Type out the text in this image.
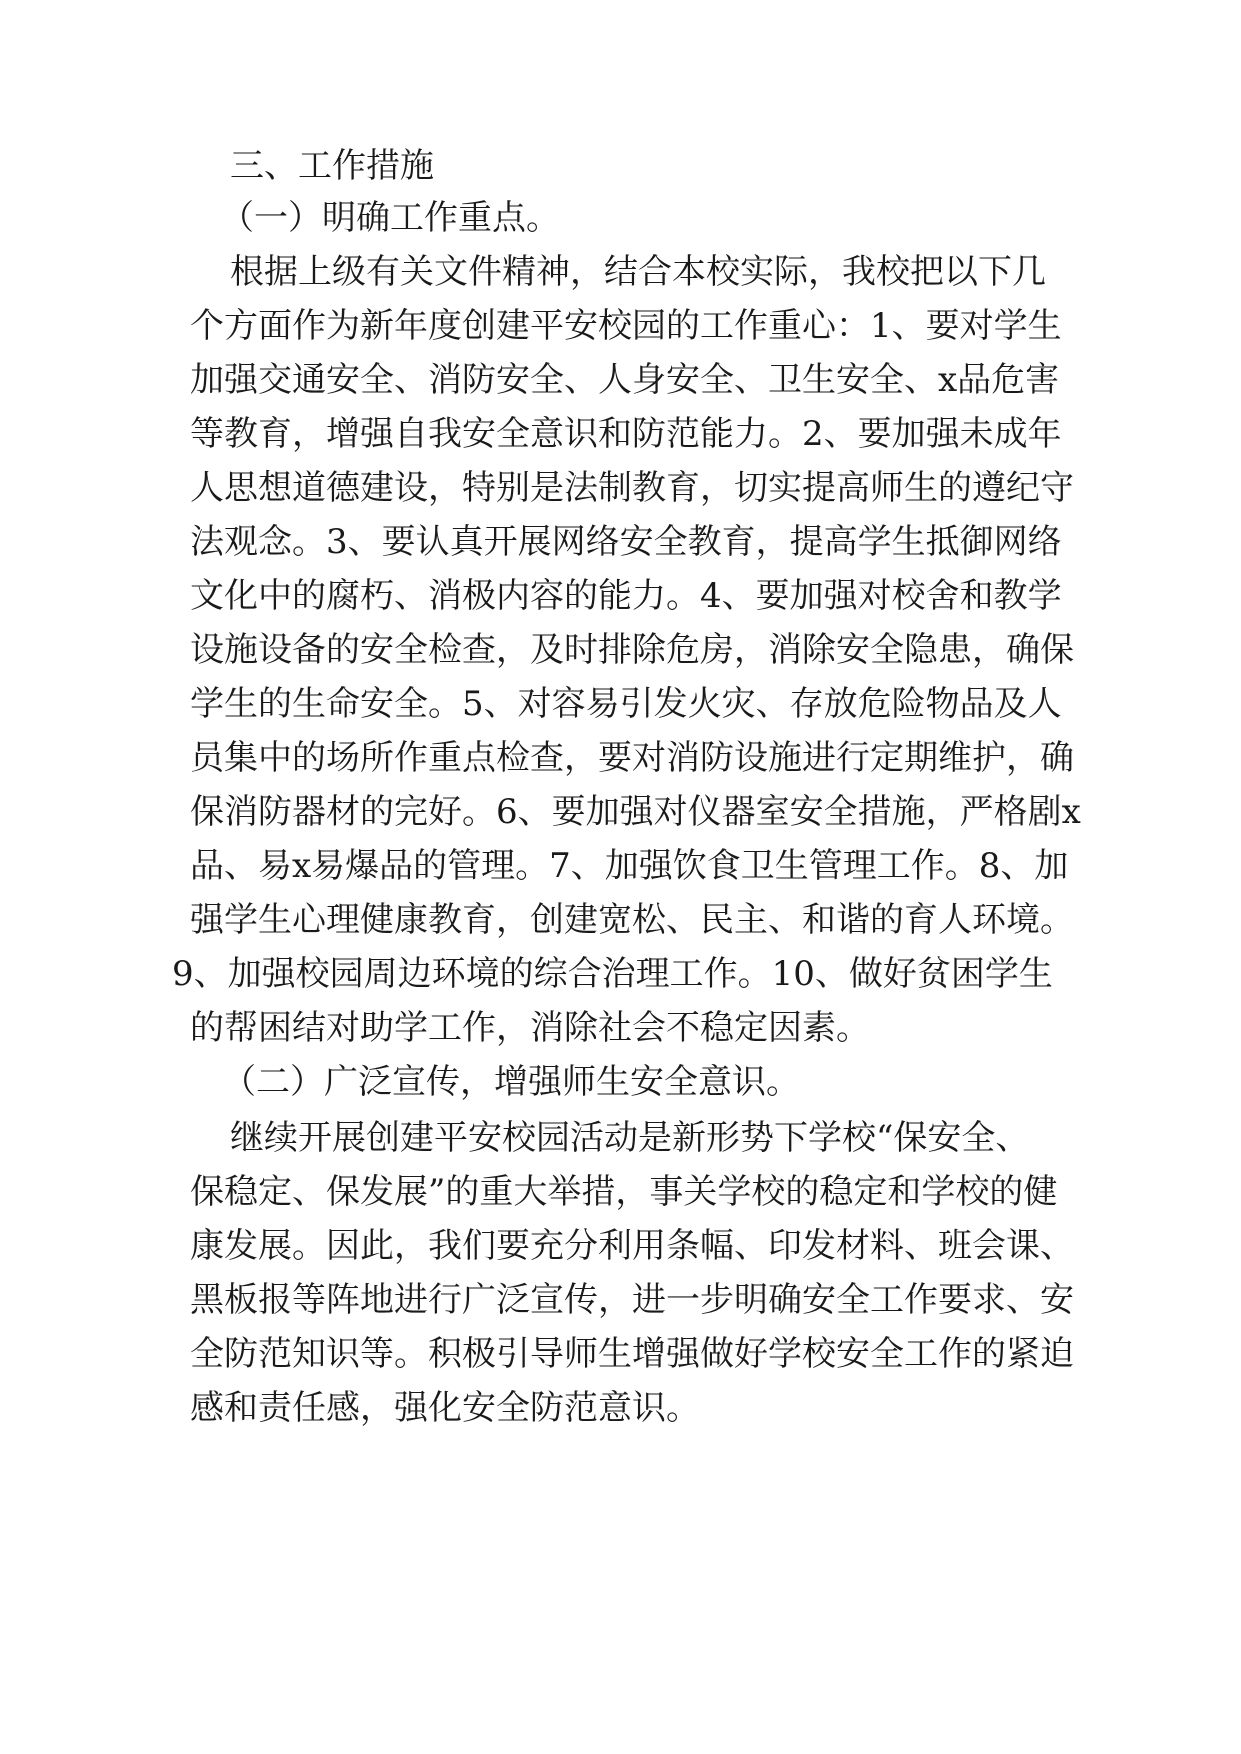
三、工作措施
（一）明确工作重点。
根据上级有关文件精神，结合本校实际，我校把以下几
个方面作为新年度创建平安校园的工作重心：1、要对学生
加强交通安全、消防安全、人身安全、卫生安全、x品危害
等教育，增强自我安全意识和防范能力。2、要加强未成年
人思想道德建设，特别是法制教育，切实提高师生的遵纪守
法观念。3、要认真开展网络安全教育，提高学生抵御网络
文化中的腐朽、消极内容的能力。4、要加强对校舍和教学
设施设备的安全检查，及时排除危房，消除安全隐患，确保
学生的生命安全。5、对容易引发火灾、存放危险物品及人
员集中的场所作重点检查，要对消防设施进行定期维护，确
保消防器材的完好。6、要加强对仪器室安全措施，严格剧x
品、易x易爆品的管理。7、加强饮食卫生管理工作。8、加
强学生心理健康教育，创建宽松、民主、和谐的育人环境。
9、加强校园周边环境的综合治理工作。10、做好贫困学生
的帮困结对助学工作，消除社会不稳定因素。
（二）广泛宣传，增强师生安全意识。
继续开展创建平安校园活动是新形势下学校“保安全、
保稳定、保发展”的重大举措，事关学校的稳定和学校的健
康发展。因此，我们要充分利用条幅、印发材料、班会课、
黑板报等阵地进行广泛宣传，进一步明确安全工作要求、安
全防范知识等。积极引导师生增强做好学校安全工作的紧迫
感和责任感，强化安全防范意识。
